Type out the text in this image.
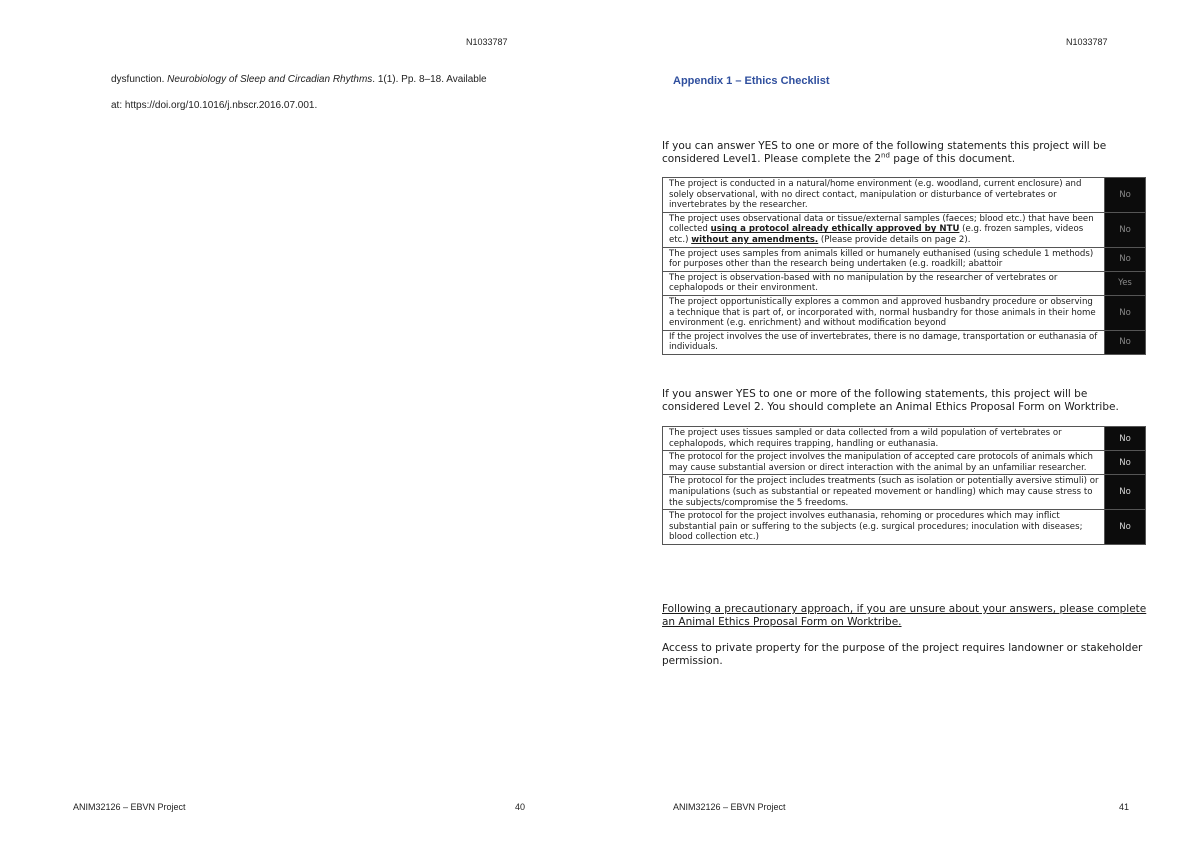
N1033787
dysfunction. Neurobiology of Sleep and Circadian Rhythms. 1(1). Pp. 8–18. Available
at: https://doi.org/10.1016/j.nbscr.2016.07.001.
ANIM32126 – EBVN Project	40
N1033787
Appendix 1 – Ethics Checklist
If you can answer YES to one or more of the following statements this project will be considered Level1. Please complete the 2nd page of this document.
The project is conducted in a natural/home environment (e.g. woodland, current enclosure) and solely observational, with no direct contact, manipulation or disturbance of vertebrates or invertebrates by the researcher.	No
The project uses observational data or tissue/external samples (faeces; blood etc.) that have been collected using a protocol already ethically approved by NTU (e.g. frozen samples, videos etc.) without any amendments. (Please provide details on page 2).	No
The project uses samples from animals killed or humanely euthanised (using schedule 1 methods) for purposes other than the research being undertaken (e.g. roadkill; abattoir	No
The project is observation-based with no manipulation by the researcher of vertebrates or cephalopods or their environment.	Yes
The project opportunistically explores a common and approved husbandry procedure or observing a technique that is part of, or incorporated with, normal husbandry for those animals in their home environment (e.g. enrichment) and without modification beyond	No
If the project involves the use of invertebrates, there is no damage, transportation or euthanasia of individuals.	No
If you answer YES to one or more of the following statements, this project will be considered Level 2. You should complete an Animal Ethics Proposal Form on Worktribe.
The project uses tissues sampled or data collected from a wild population of vertebrates or cephalopods, which requires trapping, handling or euthanasia.	No
The protocol for the project involves the manipulation of accepted care protocols of animals which may cause substantial aversion or direct interaction with the animal by an unfamiliar researcher.	No
The protocol for the project includes treatments (such as isolation or potentially aversive stimuli) or manipulations (such as substantial or repeated movement or handling) which may cause stress to the subjects/compromise the 5 freedoms.	No
The protocol for the project involves euthanasia, rehoming or procedures which may inflict substantial pain or suffering to the subjects (e.g. surgical procedures; inoculation with diseases; blood collection etc.)	No
Following a precautionary approach, if you are unsure about your answers, please complete an Animal Ethics Proposal Form on Worktribe.
Access to private property for the purpose of the project requires landowner or stakeholder permission.
ANIM32126 – EBVN Project	41
